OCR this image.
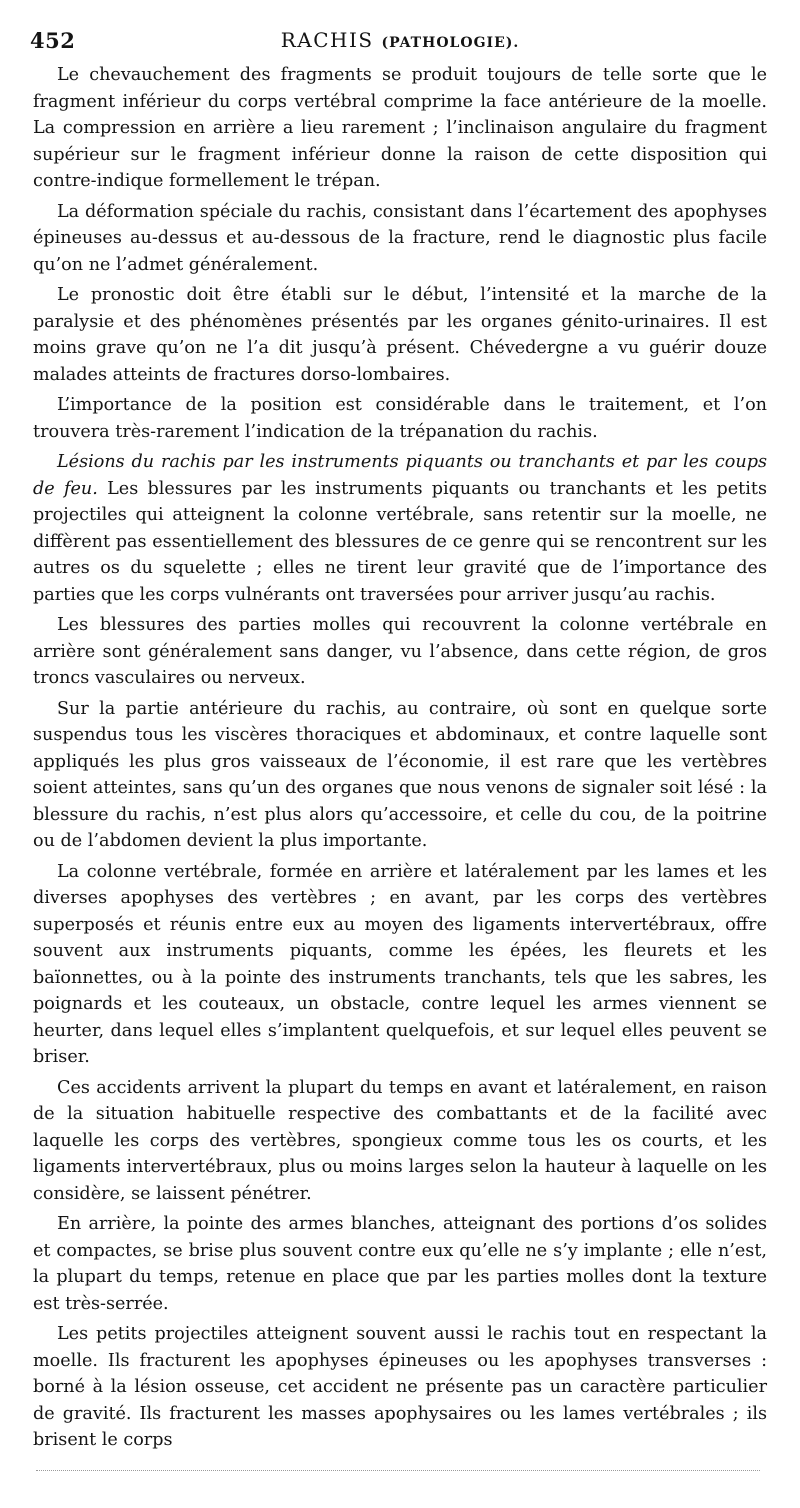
452	RACHIS (PATHOLOGIE).

Le chevauchement des fragments se produit toujours de telle sorte que le fragment inférieur du corps vertébral comprime la face antérieure de la moelle. La compression en arrière a lieu rarement ; l’inclinaison angulaire du fragment supérieur sur le fragment inférieur donne la raison de cette disposition qui contre-indique formellement le trépan.

La déformation spéciale du rachis, consistant dans l’écartement des apophyses épineuses au-dessus et au-dessous de la fracture, rend le diagnostic plus facile qu’on ne l’admet généralement.

Le pronostic doit être établi sur le début, l’intensité et la marche de la paralysie et des phénomènes présentés par les organes génito-urinaires. Il est moins grave qu’on ne l’a dit jusqu’à présent. Chévedergne a vu guérir douze malades atteints de fractures dorso-lombaires.

L’importance de la position est considérable dans le traitement, et l’on trouvera très-rarement l’indication de la trépanation du rachis.

Lésions du rachis par les instruments piquants ou tranchants et par les coups de feu. Les blessures par les instruments piquants ou tranchants et les petits projectiles qui atteignent la colonne vertébrale, sans retentir sur la moelle, ne diffèrent pas essentiellement des blessures de ce genre qui se rencontrent sur les autres os du squelette ; elles ne tirent leur gravité que de l’importance des parties que les corps vulnérants ont traversées pour arriver jusqu’au rachis.

Les blessures des parties molles qui recouvrent la colonne vertébrale en arrière sont généralement sans danger, vu l’absence, dans cette région, de gros troncs vasculaires ou nerveux.

Sur la partie antérieure du rachis, au contraire, où sont en quelque sorte suspendus tous les viscères thoraciques et abdominaux, et contre laquelle sont appliqués les plus gros vaisseaux de l’économie, il est rare que les vertèbres soient atteintes, sans qu’un des organes que nous venons de signaler soit lésé : la blessure du rachis, n’est plus alors qu’accessoire, et celle du cou, de la poitrine ou de l’abdomen devient la plus importante.

La colonne vertébrale, formée en arrière et latéralement par les lames et les diverses apophyses des vertèbres ; en avant, par les corps des vertèbres superposés et réunis entre eux au moyen des ligaments intervertébraux, offre souvent aux instruments piquants, comme les épées, les fleurets et les baïonnettes, ou à la pointe des instruments tranchants, tels que les sabres, les poignards et les couteaux, un obstacle, contre lequel les armes viennent se heurter, dans lequel elles s’implantent quelquefois, et sur lequel elles peuvent se briser.

Ces accidents arrivent la plupart du temps en avant et latéralement, en raison de la situation habituelle respective des combattants et de la facilité avec laquelle les corps des vertèbres, spongieux comme tous les os courts, et les ligaments intervertébraux, plus ou moins larges selon la hauteur à laquelle on les considère, se laissent pénétrer.

En arrière, la pointe des armes blanches, atteignant des portions d’os solides et compactes, se brise plus souvent contre eux qu’elle ne s’y implante ; elle n’est, la plupart du temps, retenue en place que par les parties molles dont la texture est très-serrée.

Les petits projectiles atteignent souvent aussi le rachis tout en respectant la moelle. Ils fracturent les apophyses épineuses ou les apophyses transverses : borné à la lésion osseuse, cet accident ne présente pas un caractère particulier de gravité. Ils fracturent les masses apophysaires ou les lames vertébrales ; ils brisent le corps
